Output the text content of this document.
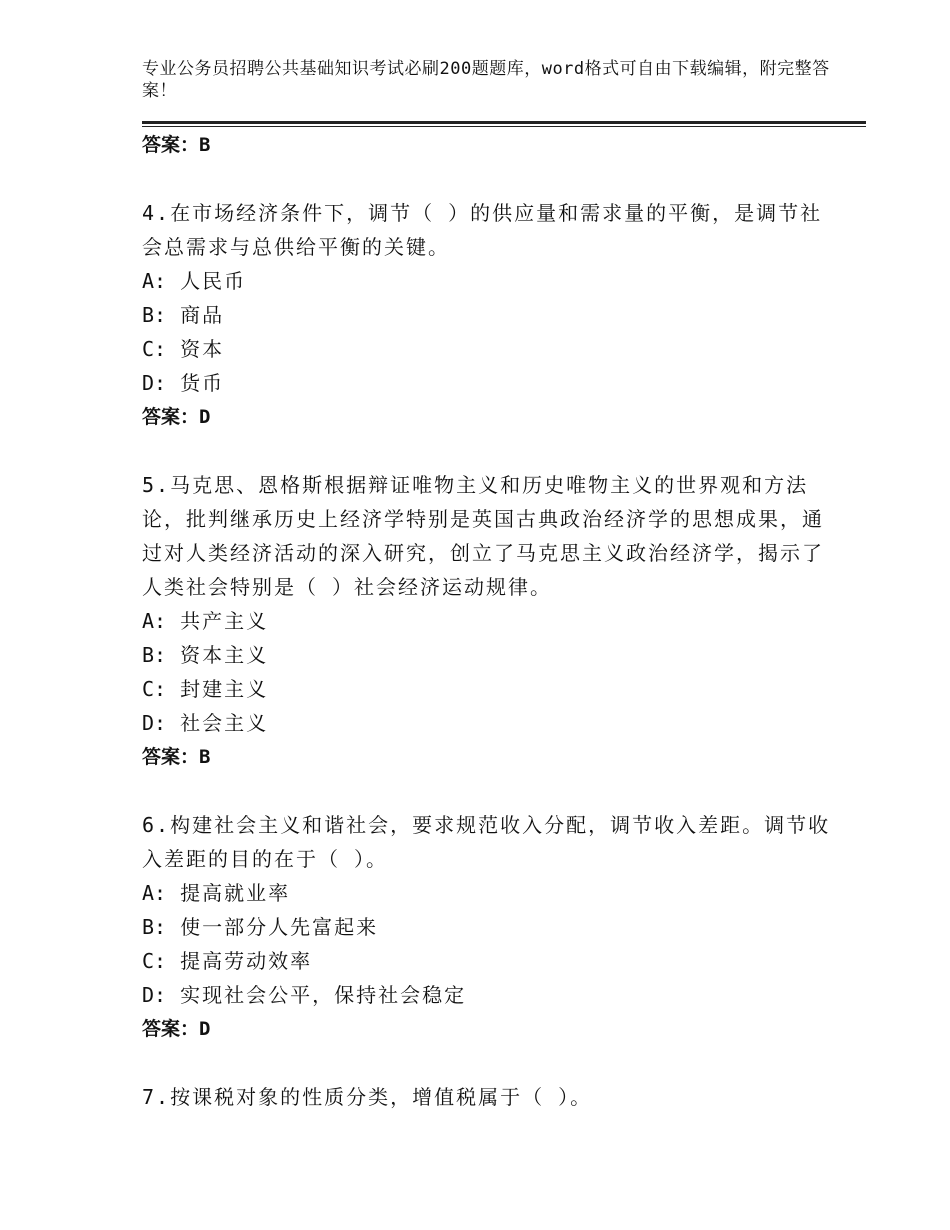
专业公务员招聘公共基础知识考试必刷200题题库，word格式可自由下载编辑，附完整答案！
答案：B
4.在市场经济条件下，调节（ ）的供应量和需求量的平衡，是调节社会总需求与总供给平衡的关键。
A: 人民币
B: 商品
C: 资本
D: 货币
答案：D
5.马克思、恩格斯根据辩证唯物主义和历史唯物主义的世界观和方法论，批判继承历史上经济学特别是英国古典政治经济学的思想成果，通过对人类经济活动的深入研究，创立了马克思主义政治经济学，揭示了人类社会特别是（ ）社会经济运动规律。
A: 共产主义
B: 资本主义
C: 封建主义
D: 社会主义
答案：B
6.构建社会主义和谐社会，要求规范收入分配，调节收入差距。调节收入差距的目的在于（ ）。
A: 提高就业率
B: 使一部分人先富起来
C: 提高劳动效率
D: 实现社会公平，保持社会稳定
答案：D
7.按课税对象的性质分类，增值税属于（ ）。
